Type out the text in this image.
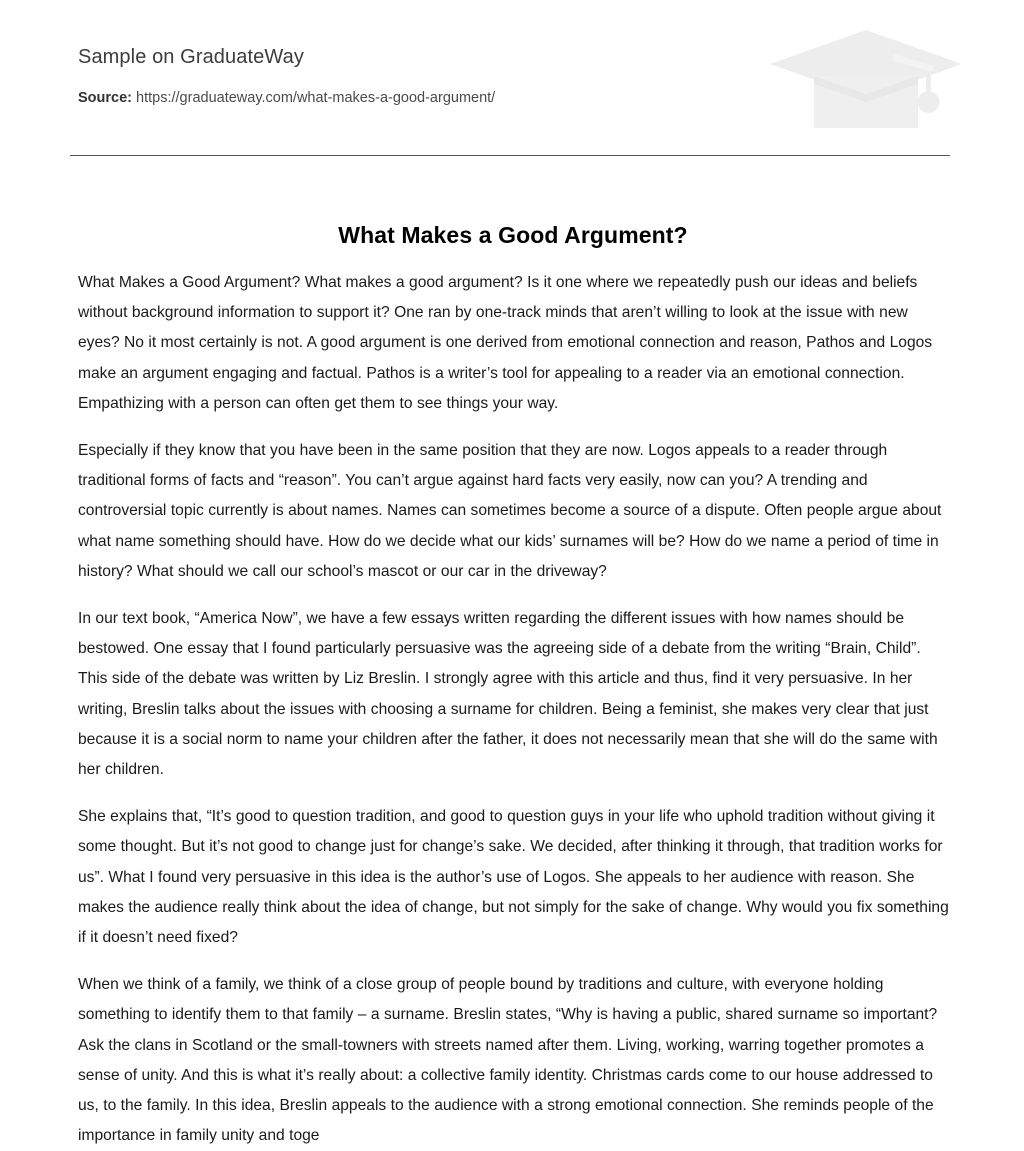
Sample on GraduateWay
Source: https://graduateway.com/what-makes-a-good-argument/
What Makes a Good Argument?

What Makes a Good Argument? What makes a good argument? Is it one where we repeatedly push our ideas and beliefs without background information to support it? One ran by one-track minds that aren’t willing to look at the issue with new eyes? No it most certainly is not. A good argument is one derived from emotional connection and reason, Pathos and Logos make an argument engaging and factual. Pathos is a writer’s tool for appealing to a reader via an emotional connection. Empathizing with a person can often get them to see things your way.

Especially if they know that you have been in the same position that they are now. Logos appeals to a reader through traditional forms of facts and “reason”. You can’t argue against hard facts very easily, now can you? A trending and controversial topic currently is about names. Names can sometimes become a source of a dispute. Often people argue about what name something should have. How do we decide what our kids’ surnames will be? How do we name a period of time in history? What should we call our school’s mascot or our car in the driveway?

In our text book, “America Now”, we have a few essays written regarding the different issues with how names should be bestowed. One essay that I found particularly persuasive was the agreeing side of a debate from the writing “Brain, Child”. This side of the debate was written by Liz Breslin. I strongly agree with this article and thus, find it very persuasive. In her writing, Breslin talks about the issues with choosing a surname for children. Being a feminist, she makes very clear that just because it is a social norm to name your children after the father, it does not necessarily mean that she will do the same with her children.

She explains that, “It’s good to question tradition, and good to question guys in your life who uphold tradition without giving it some thought. But it’s not good to change just for change’s sake. We decided, after thinking it through, that tradition works for us”. What I found very persuasive in this idea is the author’s use of Logos. She appeals to her audience with reason. She makes the audience really think about the idea of change, but not simply for the sake of change. Why would you fix something if it doesn’t need fixed?

When we think of a family, we think of a close group of people bound by traditions and culture, with everyone holding something to identify them to that family – a surname. Breslin states, “Why is having a public, shared surname so important? Ask the clans in Scotland or the small-towners with streets named after them. Living, working, warring together promotes a sense of unity. And this is what it’s really about: a collective family identity. Christmas cards come to our house addressed to us, to the family. In this idea, Breslin appeals to the audience with a strong emotional connection. She reminds people of the importance in family unity and toge
